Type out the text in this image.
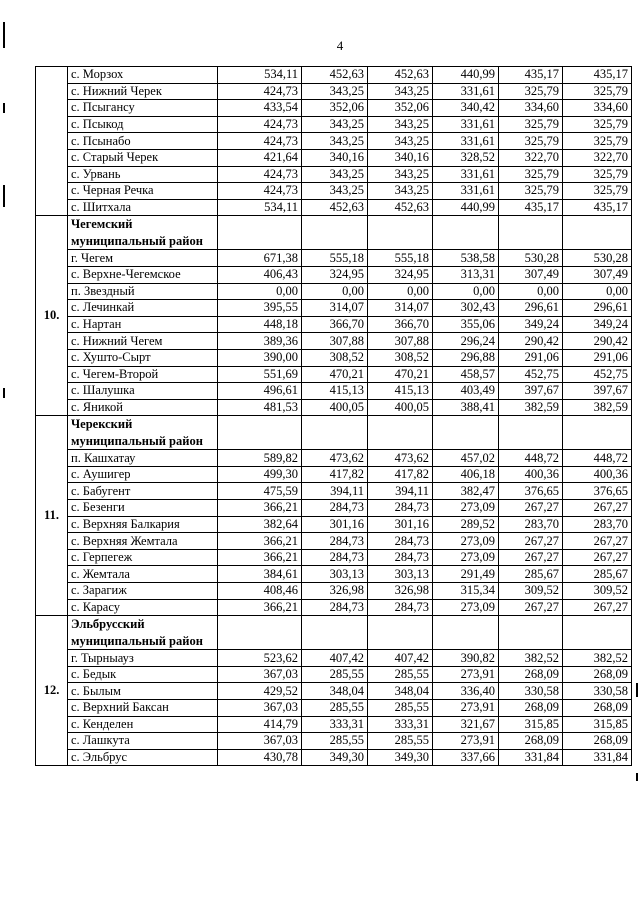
4
	с. Морзох	534,11	452,63	452,63	440,99	435,17	435,17
	с. Нижний Черек	424,73	343,25	343,25	331,61	325,79	325,79
	с. Псыгансу	433,54	352,06	352,06	340,42	334,60	334,60
	с. Псыкод	424,73	343,25	343,25	331,61	325,79	325,79
	с. Псынабо	424,73	343,25	343,25	331,61	325,79	325,79
	с. Старый Черек	421,64	340,16	340,16	328,52	322,70	322,70
	с. Урвань	424,73	343,25	343,25	331,61	325,79	325,79
	с. Черная Речка	424,73	343,25	343,25	331,61	325,79	325,79
	с. Шитхала	534,11	452,63	452,63	440,99	435,17	435,17
10.	Чегемский муниципальный район						

	г. Чегем	671,38	555,18	555,18	538,58	530,28	530,28
	с. Верхне-Чегемское	406,43	324,95	324,95	313,31	307,49	307,49
	п. Звездный	0,00	0,00	0,00	0,00	0,00	0,00
	с. Лечинкай	395,55	314,07	314,07	302,43	296,61	296,61
	с. Нартан	448,18	366,70	366,70	355,06	349,24	349,24
	с. Нижний Чегем	389,36	307,88	307,88	296,24	290,42	290,42
	с. Хушто-Сырт	390,00	308,52	308,52	296,88	291,06	291,06
	с. Чегем-Второй	551,69	470,21	470,21	458,57	452,75	452,75
	с. Шалушка	496,61	415,13	415,13	403,49	397,67	397,67
	с. Яникой	481,53	400,05	400,05	388,41	382,59	382,59
11.	Черекский муниципальный район						

	п. Кашхатау	589,82	473,62	473,62	457,02	448,72	448,72
	с. Аушигер	499,30	417,82	417,82	406,18	400,36	400,36
	с. Бабугент	475,59	394,11	394,11	382,47	376,65	376,65
	с. Безенги	366,21	284,73	284,73	273,09	267,27	267,27
	с. Верхняя Балкария	382,64	301,16	301,16	289,52	283,70	283,70
	с. Верхняя Жемтала	366,21	284,73	284,73	273,09	267,27	267,27
	с. Герпегеж	366,21	284,73	284,73	273,09	267,27	267,27
	с. Жемтала	384,61	303,13	303,13	291,49	285,67	285,67
	с. Зарагиж	408,46	326,98	326,98	315,34	309,52	309,52
	с. Карасу	366,21	284,73	284,73	273,09	267,27	267,27
12.	Эльбрусский муниципальный район						

	г. Тырныауз	523,62	407,42	407,42	390,82	382,52	382,52
	с. Бедык	367,03	285,55	285,55	273,91	268,09	268,09
	с. Былым	429,52	348,04	348,04	336,40	330,58	330,58
	с. Верхний Баксан	367,03	285,55	285,55	273,91	268,09	268,09
	с. Кенделен	414,79	333,31	333,31	321,67	315,85	315,85
	с. Лашкута	367,03	285,55	285,55	273,91	268,09	268,09
	с. Эльбрус	430,78	349,30	349,30	337,66	331,84	331,84
